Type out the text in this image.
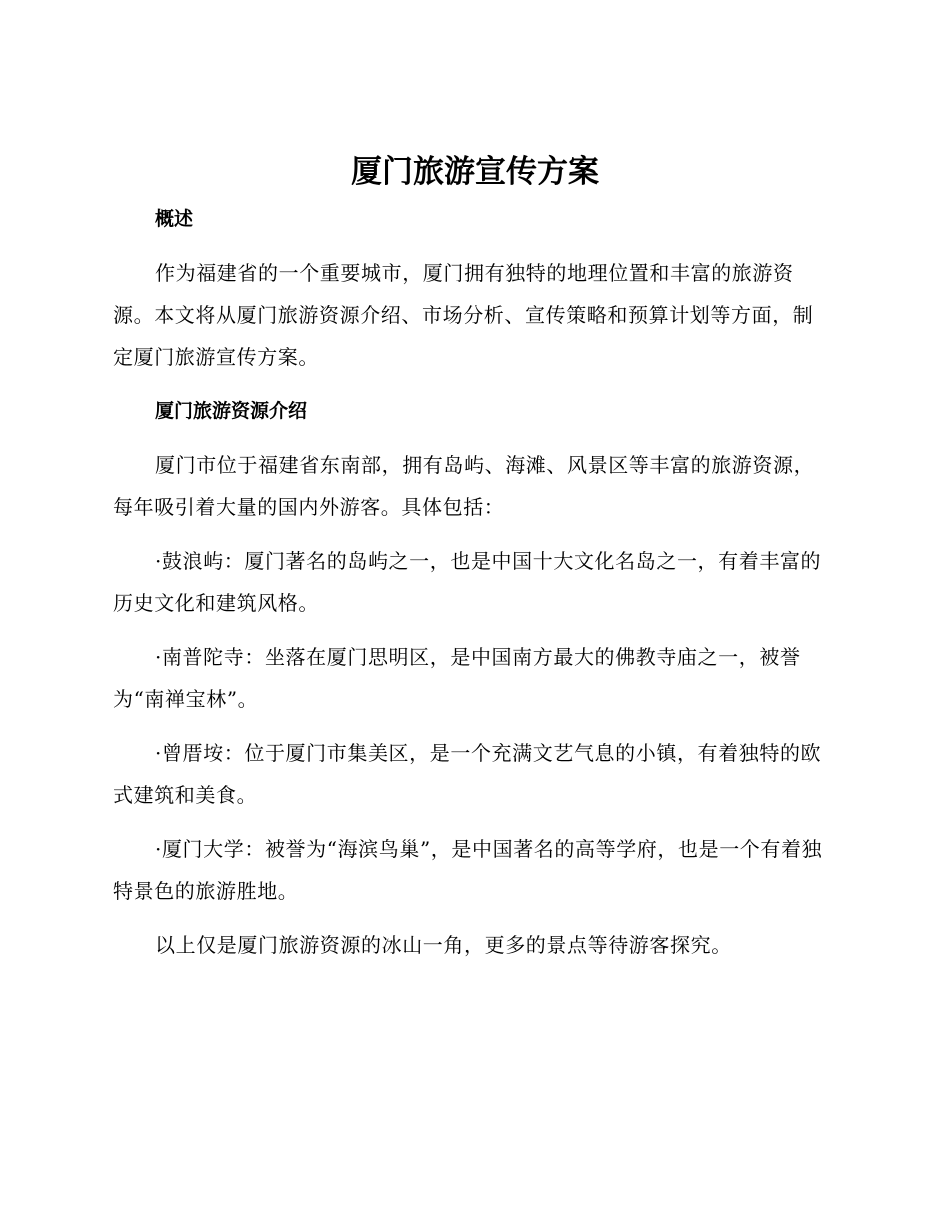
厦门旅游宣传方案
概述

作为福建省的一个重要城市，厦门拥有独特的地理位置和丰富的旅游资源。本文将从厦门旅游资源介绍、市场分析、宣传策略和预算计划等方面，制定厦门旅游宣传方案。

厦门旅游资源介绍

厦门市位于福建省东南部，拥有岛屿、海滩、风景区等丰富的旅游资源，每年吸引着大量的国内外游客。具体包括：

·鼓浪屿：厦门著名的岛屿之一，也是中国十大文化名岛之一，有着丰富的历史文化和建筑风格。

·南普陀寺：坐落在厦门思明区，是中国南方最大的佛教寺庙之一，被誉为“南禅宝林”。

·曾厝垵：位于厦门市集美区，是一个充满文艺气息的小镇，有着独特的欧式建筑和美食。

·厦门大学：被誉为“海滨鸟巢”，是中国著名的高等学府，也是一个有着独特景色的旅游胜地。

以上仅是厦门旅游资源的冰山一角，更多的景点等待游客探究。
